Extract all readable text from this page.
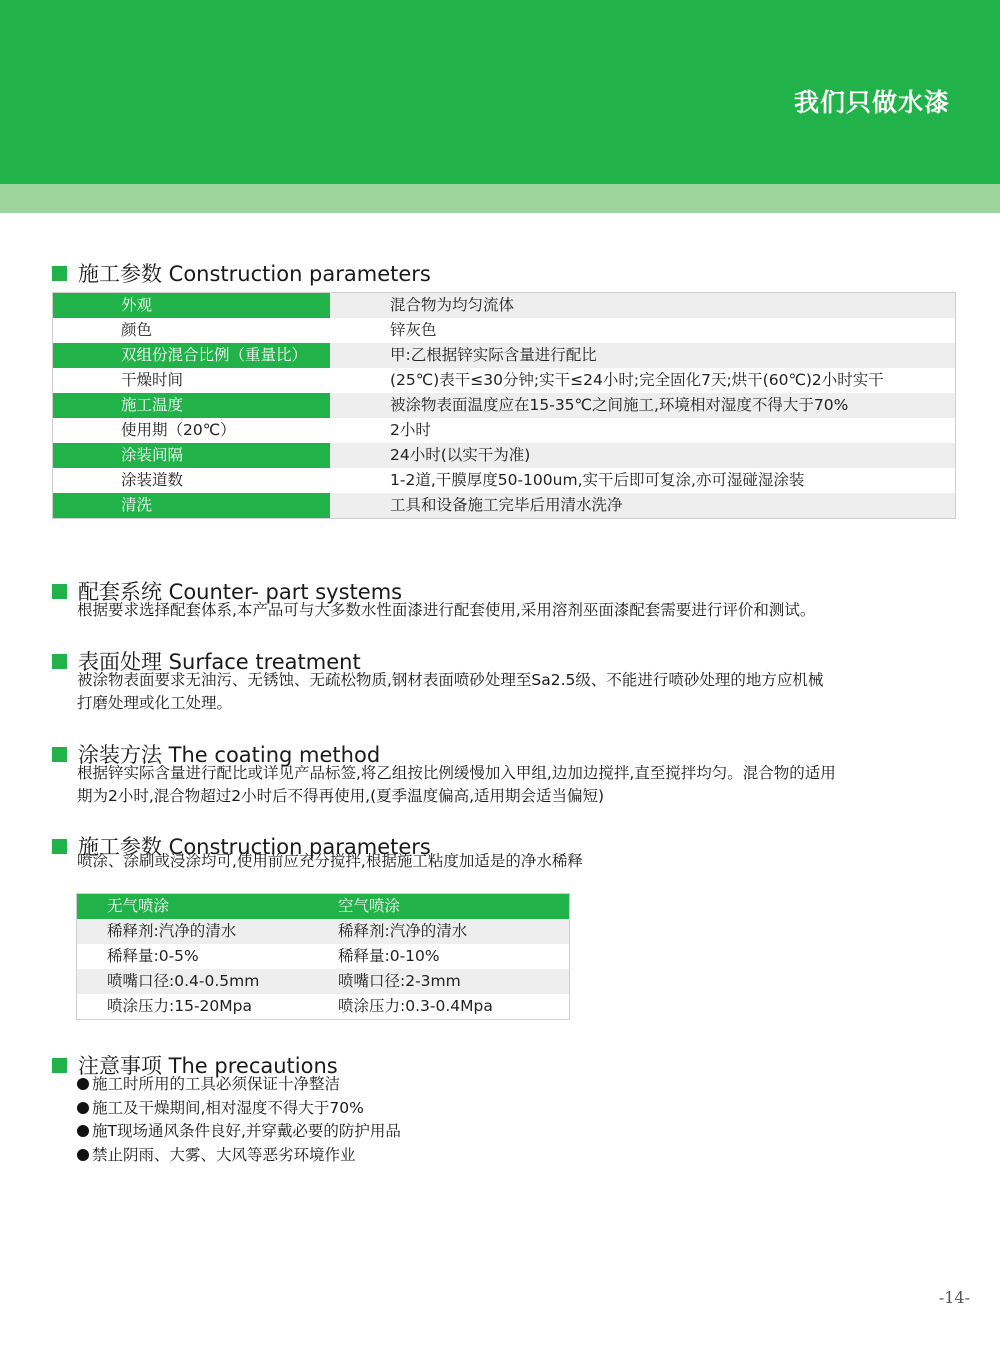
我们只做水漆
施工参数 Construction parameters
外观	混合物为均匀流体
颜色	锌灰色
双组份混合比例（重量比）	甲:乙根据锌实际含量进行配比
干燥时间	(25℃)表干≤30分钟;实干≤24小时;完全固化7天;烘干(60℃)2小时实干
施工温度	被涂物表面温度应在15-35℃之间施工,环境相对湿度不得大于70%
使用期（20℃）	2小时
涂装间隔	24小时(以实干为准)
涂装道数	1-2道,干膜厚度50-100um,实干后即可复涂,亦可湿碰湿涂装
清洗	工具和设备施工完毕后用清水洗净
配套系统 Counter- part systems
根据要求选择配套体系,本产品可与大多数水性面漆进行配套使用,采用溶剂巫面漆配套需要进行评价和测试。
表面处理 Surface treatment
被涂物表面要求无油污、无锈蚀、无疏松物质,钢材表面喷砂处理至Sa2.5级、不能进行喷砂处理的地方应机械
打磨处理或化工处理。
涂装方法 The coating method
根据锌实际含量进行配比或详见产品标签,将乙组按比例缓慢加入甲组,边加边搅拌,直至搅拌均匀。混合物的适用
期为2小时,混合物超过2小时后不得再使用,(夏季温度偏高,适用期会适当偏短)
施工参数 Construction parameters
喷涂、涂刷或浸涂均可,使用前应充分搅拌,根据施工粘度加适是的净水稀释
无气喷涂	空气喷涂
稀释剂:汽净的清水	稀释剂:汽净的清水
稀释量:0-5%	稀释量:0-10%
喷嘴口径:0.4-0.5mm	喷嘴口径:2-3mm
喷涂压力:15-20Mpa	喷涂压力:0.3-0.4Mpa
注意事项 The precautions
施工时所用的工具必须保证十净整洁
施工及干燥期间,相对湿度不得大于70%
施T现场通风条件良好,并穿戴必要的防护用品
禁止阴雨、大雾、大风等恶劣环境作业
-14-
